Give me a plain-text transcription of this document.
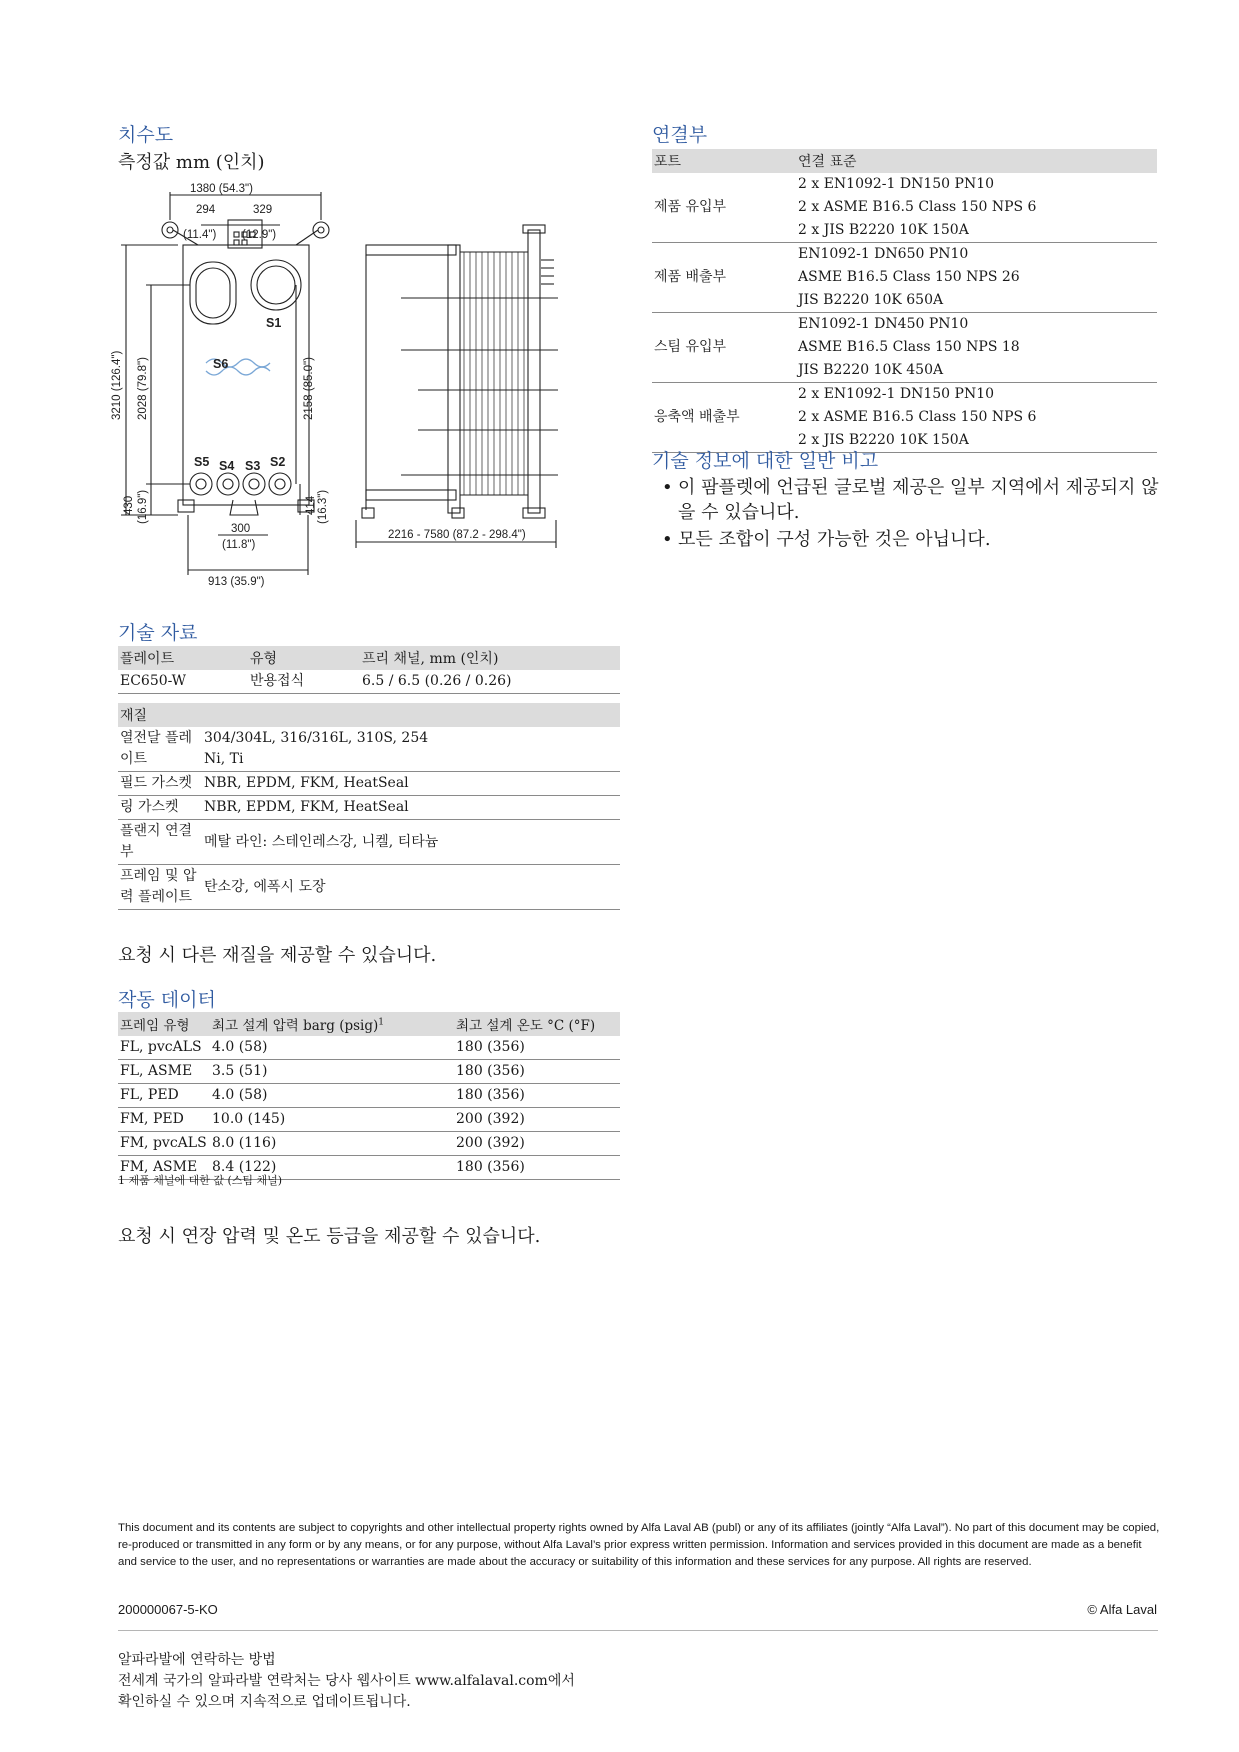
치수도

측정값 mm (인치)

1380 (54.3")
294
(11.4")
329
(12.9")
3210 (126.4") 2028 (79.8")	2158 (85.0")
430 (16.9")	414 (16.3")
300
(11.8")
913 (35.9")
2216 - 7580 (87.2 - 298.4")
S1
S6
S5 S4 S3 S2
기술 자료
플레이트	유형	프리 채널, mm (인치)
EC650-W	반용접식	6.5 / 6.5 (0.26 / 0.26)
재질	
열전달 플레이트	304/304L, 316/316L, 310S, 254
Ni, Ti
필드 가스켓	NBR, EPDM, FKM, HeatSeal
링 가스켓	NBR, EPDM, FKM, HeatSeal
플랜지 연결부	메탈 라인: 스테인레스강, 니켈, 티타늄
프레임 및 압력 플레이트	탄소강, 에폭시 도장

요청 시 다른 재질을 제공할 수 있습니다.

작동 데이터
프레임 유형	최고 설계 압력 barg (psig)$^1$	최고 설계 온도 °C (°F)
FL, pvcALS	4.0 (58)	180 (356)
FL, ASME	3.5 (51)	180 (356)
FL, PED	4.0 (58)	180 (356)
FM, PED	10.0 (145)	200 (392)
FM, pvcALS	8.0 (116)	200 (392)
FM, ASME	8.4 (122)	180 (356)

1 제품 채널에 대한 값 (스팀 채널)

요청 시 연장 압력 및 온도 등급을 제공할 수 있습니다.

연결부
포트	연결 표준
제품 유입부	2 x EN1092-1 DN150 PN10
	2 x ASME B16.5 Class 150 NPS 6
	2 x JIS B2220 10K 150A
제품 배출부	EN1092-1 DN650 PN10
	ASME B16.5 Class 150 NPS 26
	JIS B2220 10K 650A
스팀 유입부	EN1092-1 DN450 PN10
	ASME B16.5 Class 150 NPS 18
	JIS B2220 10K 450A
응축액 배출부	2 x EN1092-1 DN150 PN10
	2 x ASME B16.5 Class 150 NPS 6
	2 x JIS B2220 10K 150A
기술 정보에 대한 일반 비고
• 이 팜플렛에 언급된 글로벌 제공은 일부 지역에서 제공되지 않을 수 있습니다.
• 모든 조합이 구성 가능한 것은 아닙니다.

This document and its contents are subject to copyrights and other intellectual property rights owned by Alfa Laval AB (publ) or any of its affiliates (jointly “Alfa Laval”). No part of this document may be copied, re-produced or transmitted in any form or by any means, or for any purpose, without Alfa Laval’s prior express written permission. Information and services provided in this document are made as a benefit and service to the user, and no representations or warranties are made about the accuracy or suitability of this information and these services for any purpose. All rights are reserved.

200000067-5-KO	© Alfa Laval
알파라발에 연락하는 방법
전세계 국가의 알파라발 연락처는 당사 웹사이트 www.alfalaval.com에서
확인하실 수 있으며 지속적으로 업데이트됩니다.
